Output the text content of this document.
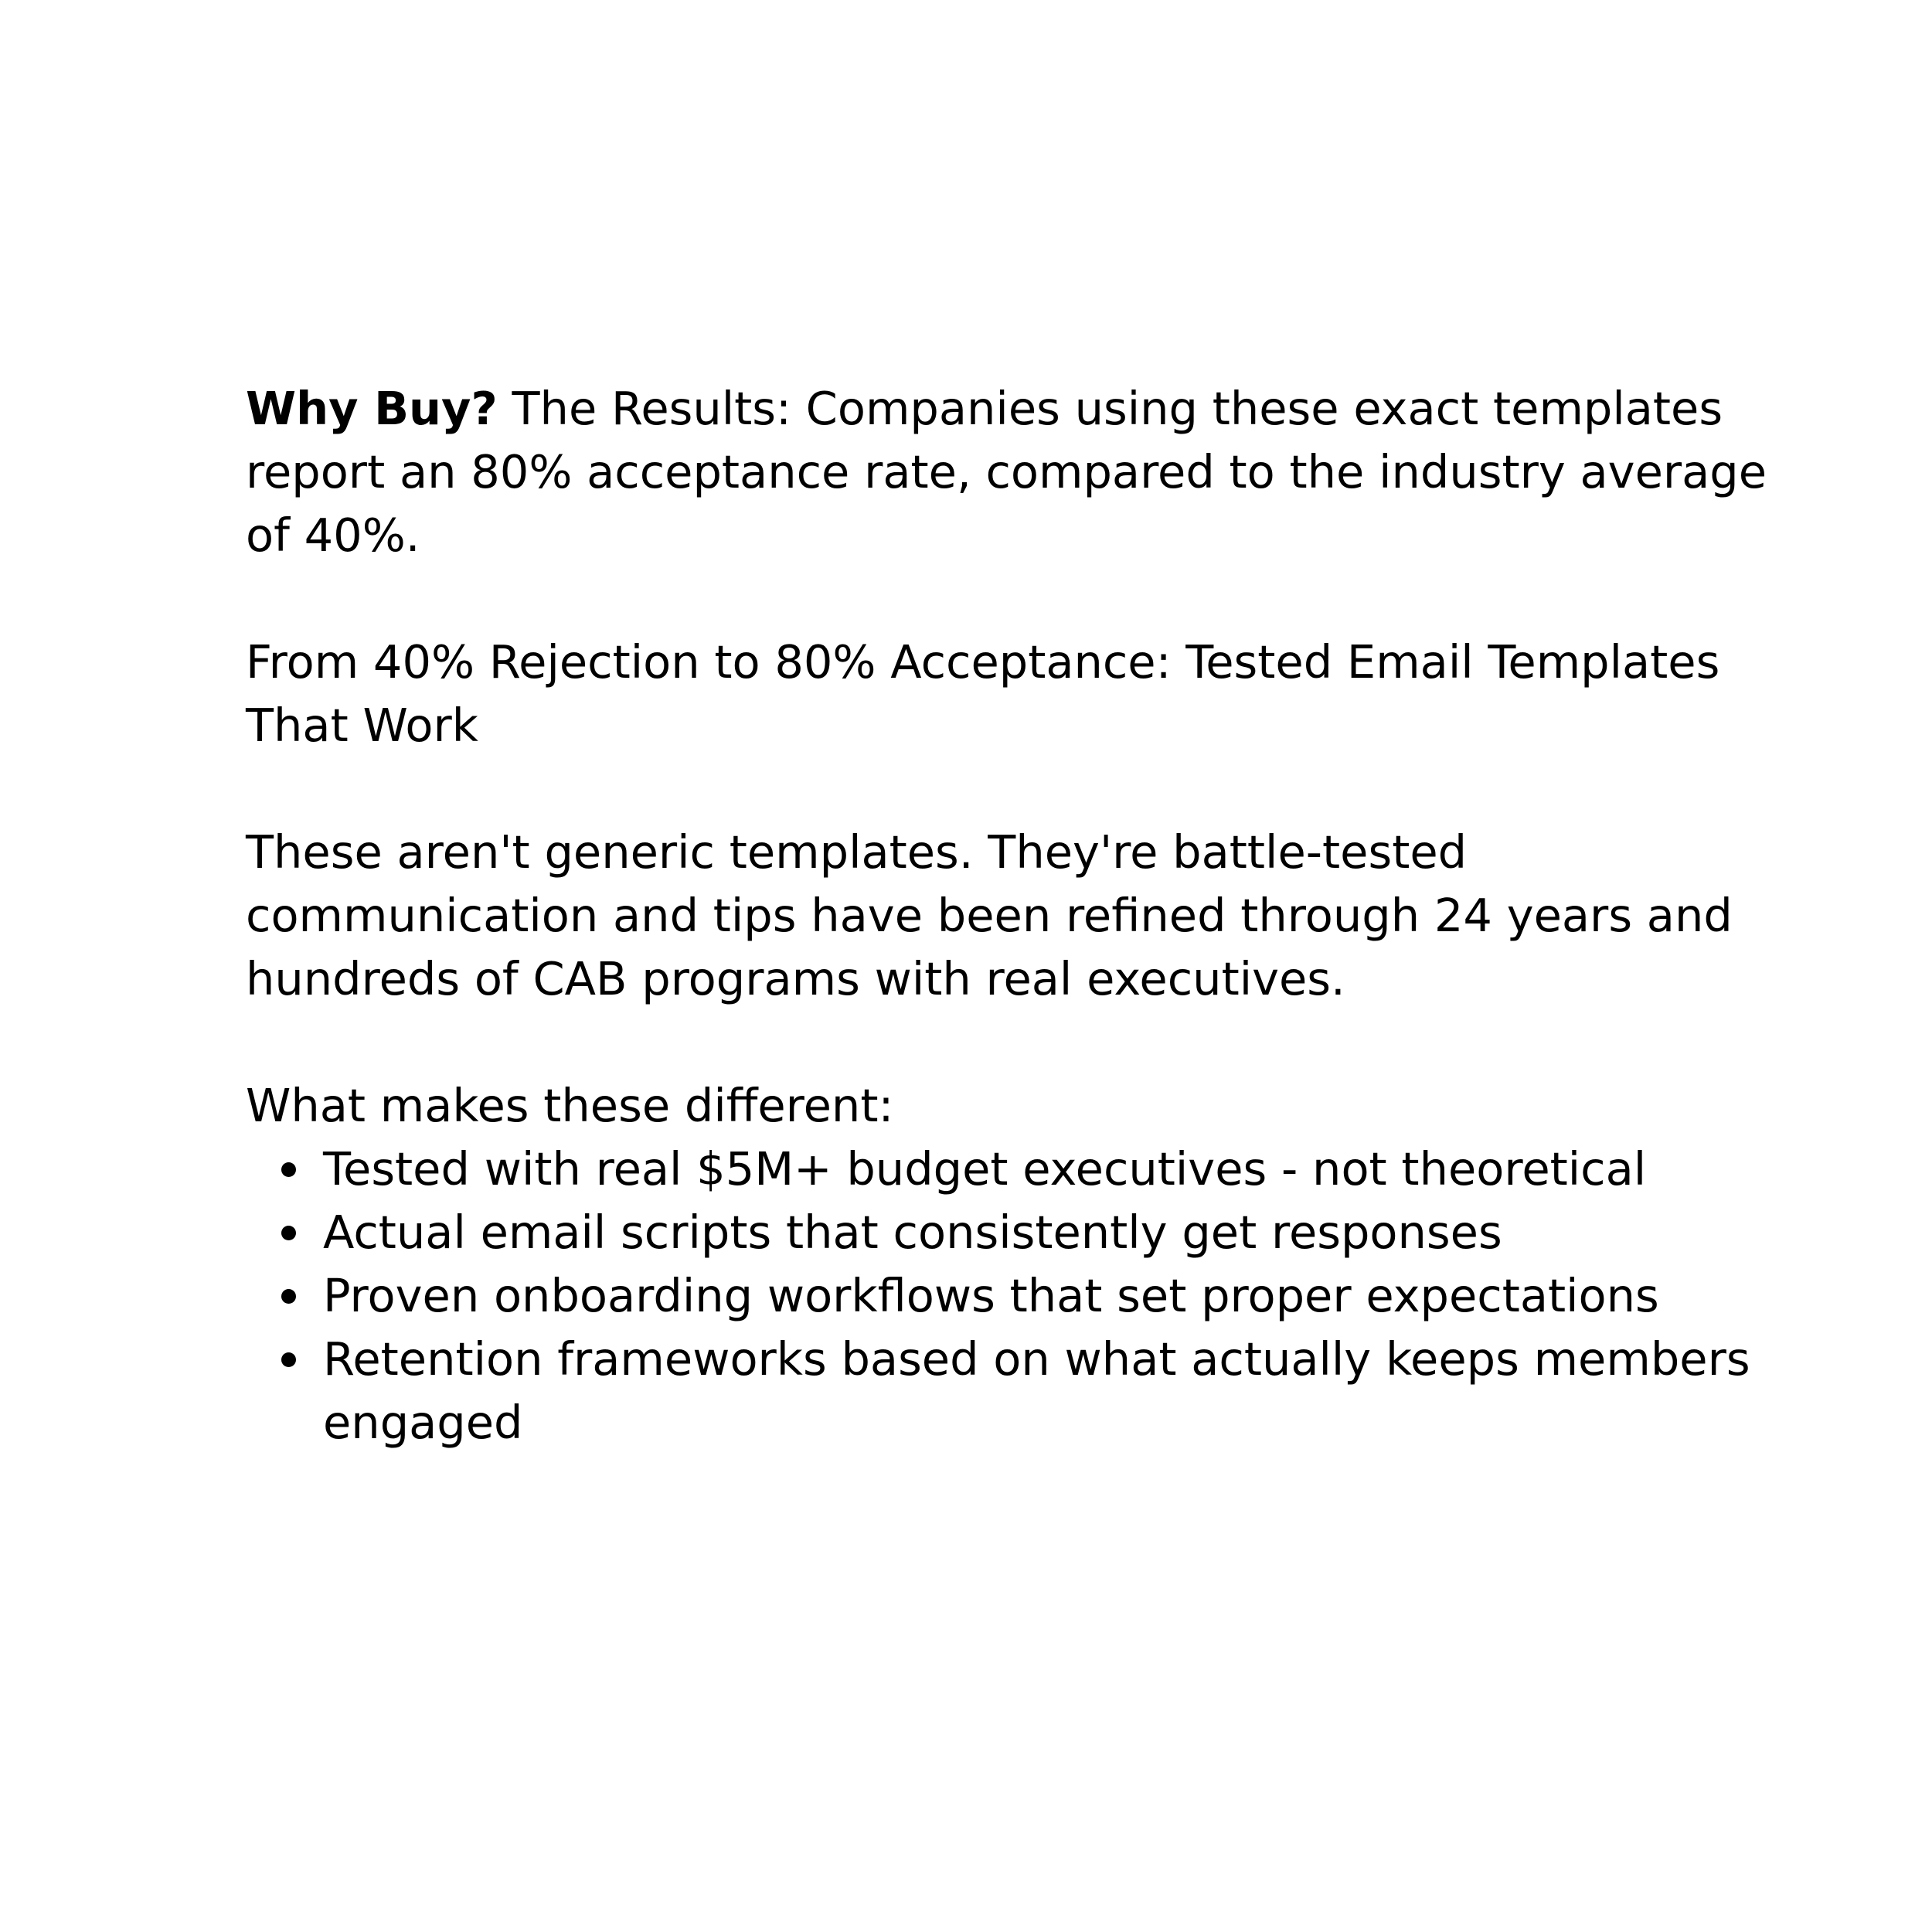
Why Buy? The Results: Companies using these exact templates report an 80% acceptance rate, compared to the industry average of 40%.

From 40% Rejection to 80% Acceptance: Tested Email Templates That Work

These aren't generic templates. They're battle-tested communication and tips have been refined through 24 years and hundreds of CAB programs with real executives.

What makes these different:

Tested with real $5M+ budget executives - not theoretical
Actual email scripts that consistently get responses
Proven onboarding workflows that set proper expectations
Retention frameworks based on what actually keeps members engaged
